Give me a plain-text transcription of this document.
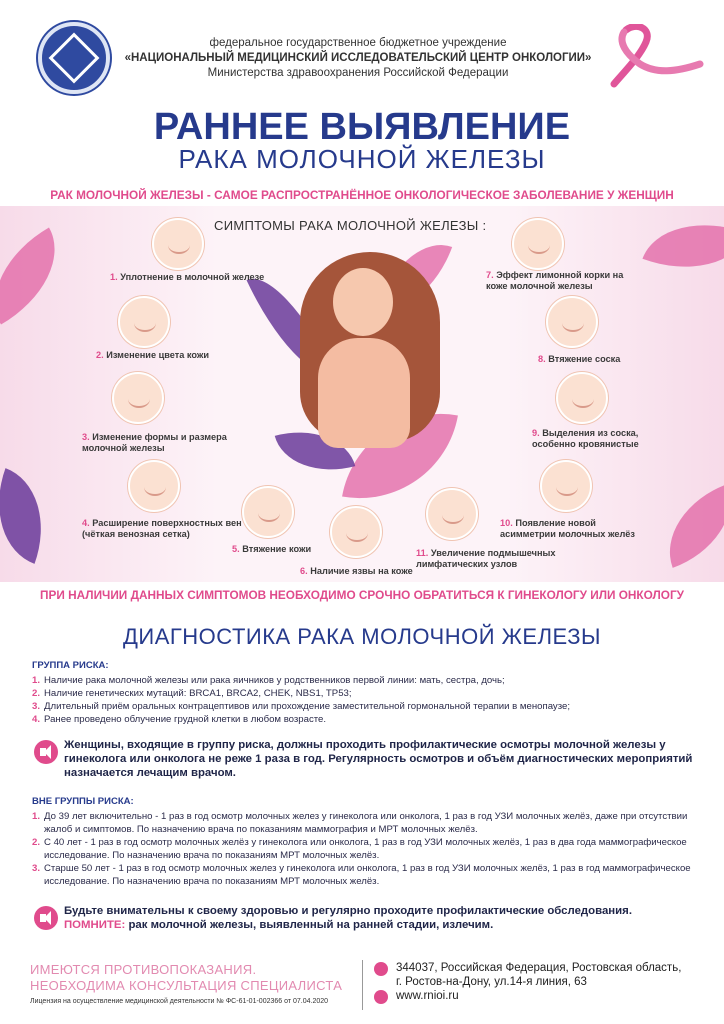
федеральное государственное бюджетное учреждение
«НАЦИОНАЛЬНЫЙ МЕДИЦИНСКИЙ ИССЛЕДОВАТЕЛЬСКИЙ ЦЕНТР ОНКОЛОГИИ»
Министерства здравоохранения Российской Федерации
РАННЕЕ ВЫЯВЛЕНИЕ
РАКА МОЛОЧНОЙ ЖЕЛЕЗЫ
РАК МОЛОЧНОЙ ЖЕЛЕЗЫ - САМОЕ РАСПРОСТРАНЁННОЕ ОНКОЛОГИЧЕСКОЕ ЗАБОЛЕВАНИЕ У ЖЕНЩИН
СИМПТОМЫ РАКА МОЛОЧНОЙ ЖЕЛЕЗЫ :
1. Уплотнение в молочной железе
2. Изменение цвета кожи
3. Изменение формы и размера молочной железы
4. Расширение поверхностных вен (чёткая венозная сетка)
5. Втяжение кожи
6. Наличие язвы на коже
7. Эффект лимонной корки на коже молочной железы
8. Втяжение соска
9. Выделения из соска, особенно кровянистые
10. Появление новой асимметрии молочных желёз
11. Увеличение подмышечных лимфатических узлов
ПРИ НАЛИЧИИ ДАННЫХ СИМПТОМОВ НЕОБХОДИМО СРОЧНО ОБРАТИТЬСЯ К ГИНЕКОЛОГУ ИЛИ ОНКОЛОГУ
ДИАГНОСТИКА РАКА МОЛОЧНОЙ ЖЕЛЕЗЫ
ГРУППА РИСКА:
1. Наличие рака молочной железы или рака яичников у родственников первой линии: мать, сестра, дочь;
2. Наличие генетических мутаций: BRCA1, BRCA2, CHEK, NBS1, TP53;
3. Длительный приём оральных контрацептивов или прохождение заместительной гормональной терапии в менопаузе;
4. Ранее проведено облучение грудной клетки в любом возрасте.
Женщины, входящие в группу риска, должны проходить профилактические осмотры молочной железы у гинеколога или онколога не реже 1 раза в год. Регулярность осмотров и объём диагностических мероприятий назначается лечащим врачом.
ВНЕ ГРУППЫ РИСКА:
1. До 39 лет включительно - 1 раз в год осмотр молочных желез у гинеколога или онколога, 1 раз в год УЗИ молочных желёз, даже при отсутствии жалоб и симптомов. По назначению врача по показаниям маммография и МРТ молочных желёз.
2. С 40 лет - 1 раз в год осмотр молочных желёз у гинеколога или онколога, 1 раз в год УЗИ молочных желёз, 1 раз в два года маммографическое исследование. По назначению врача по показаниям МРТ молочных желёз.
3. Старше 50 лет - 1 раз в год осмотр молочных желез у гинеколога или онколога, 1 раз в год УЗИ молочных желёз, 1 раз в год маммографическое исследование. По назначению врача по показаниям МРТ молочных желёз.
Будьте внимательны к своему здоровью и регулярно проходите профилактические обследования.
ПОМНИТЕ: рак молочной железы, выявленный на ранней стадии, излечим.
ИМЕЮТСЯ ПРОТИВОПОКАЗАНИЯ.
НЕОБХОДИМА КОНСУЛЬТАЦИЯ СПЕЦИАЛИСТА
Лицензия на осуществление медицинской деятельности № ФС-61-01-002366 от 07.04.2020
344037, Российская Федерация, Ростовская область,
г. Ростов-на-Дону, ул.14-я линия, 63
www.rnioi.ru
